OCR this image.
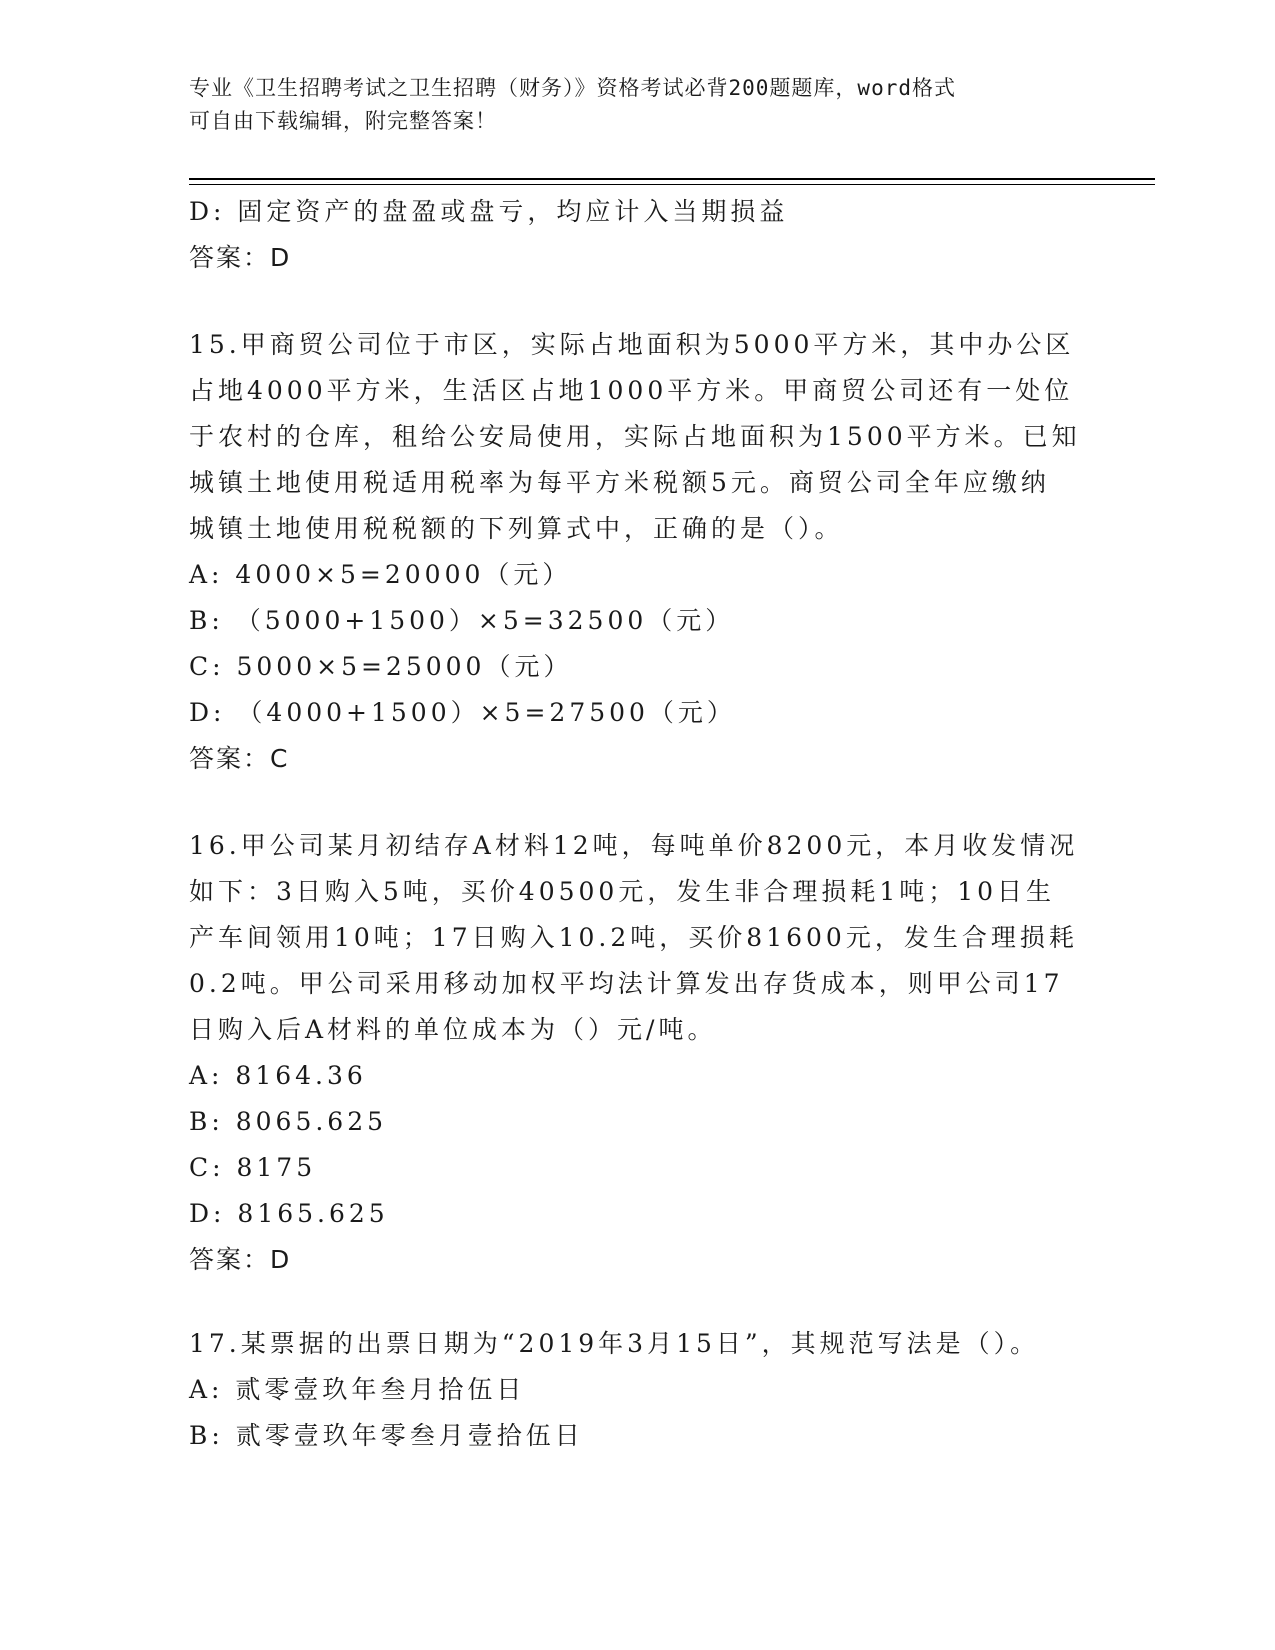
专业《卫生招聘考试之卫生招聘（财务）》资格考试必背200题题库，word格式
可自由下载编辑，附完整答案！
D: 固定资产的盘盈或盘亏，均应计入当期损益
答案：D
15.甲商贸公司位于市区，实际占地面积为5000平方米，其中办公区
占地4000平方米，生活区占地1000平方米。甲商贸公司还有一处位
于农村的仓库，租给公安局使用，实际占地面积为1500平方米。已知
城镇土地使用税适用税率为每平方米税额5元。商贸公司全年应缴纳
城镇土地使用税税额的下列算式中，正确的是（）。
A: 4000×5=20000（元）
B: （5000+1500）×5=32500（元）
C: 5000×5=25000（元）
D: （4000+1500）×5=27500（元）
答案：C
16.甲公司某月初结存A材料12吨，每吨单价8200元，本月收发情况
如下：3日购入5吨，买价40500元，发生非合理损耗1吨；10日生
产车间领用10吨；17日购入10.2吨，买价81600元，发生合理损耗
0.2吨。甲公司采用移动加权平均法计算发出存货成本，则甲公司17
日购入后A材料的单位成本为（）元/吨。
A: 8164.36
B: 8065.625
C: 8175
D: 8165.625
答案：D
17.某票据的出票日期为“2019年3月15日”，其规范写法是（）。
A: 贰零壹玖年叁月拾伍日
B: 贰零壹玖年零叁月壹拾伍日
